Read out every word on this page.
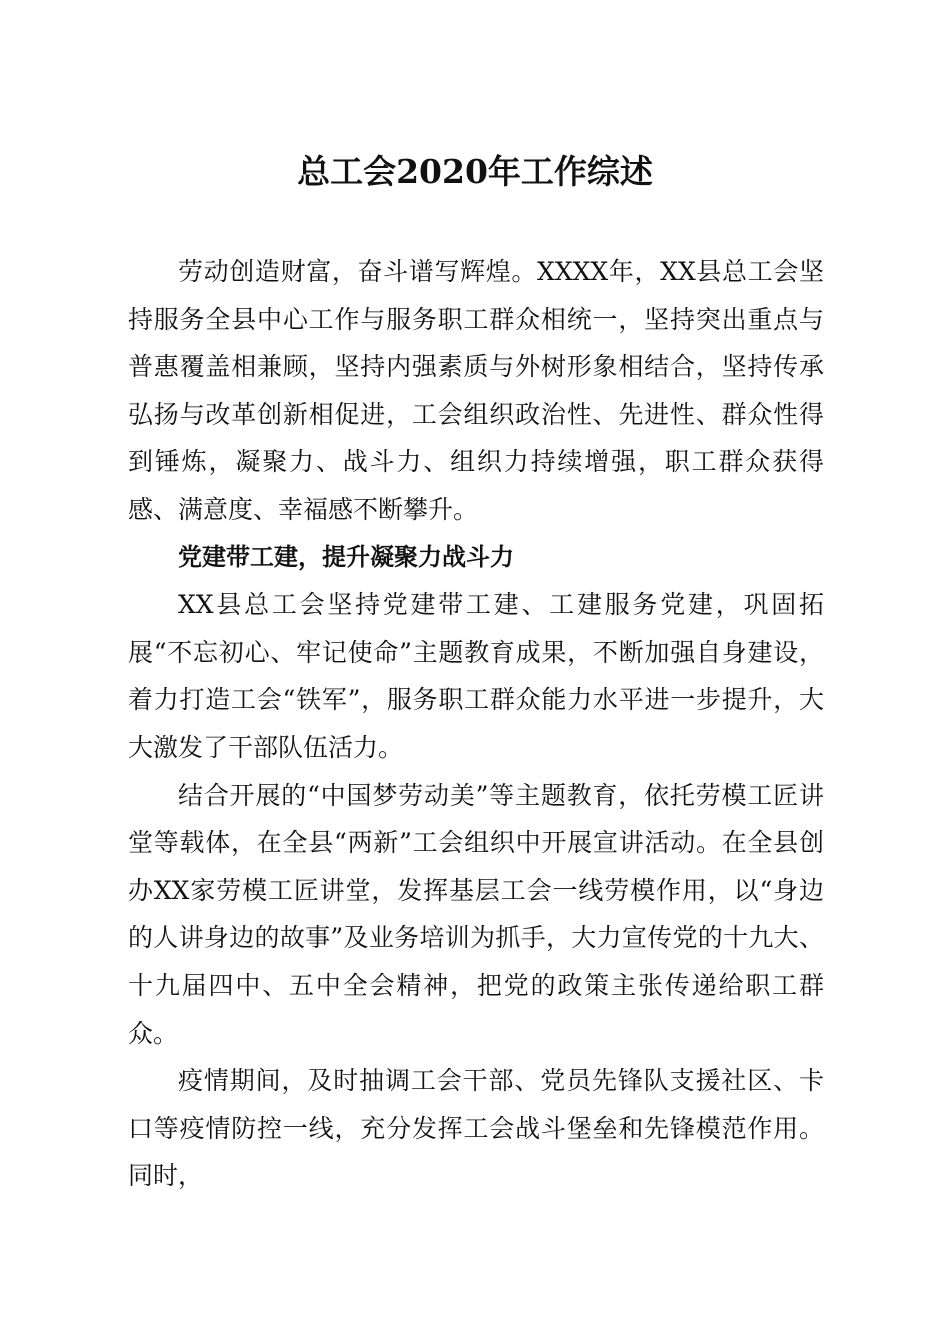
总工会2020年工作综述

劳动创造财富，奋斗谱写辉煌。XXXX年，XX县总工会坚持服务全县中心工作与服务职工群众相统一，坚持突出重点与普惠覆盖相兼顾，坚持内强素质与外树形象相结合，坚持传承弘扬与改革创新相促进，工会组织政治性、先进性、群众性得到锤炼，凝聚力、战斗力、组织力持续增强，职工群众获得感、满意度、幸福感不断攀升。

党建带工建，提升凝聚力战斗力

XX县总工会坚持党建带工建、工建服务党建，巩固拓展“不忘初心、牢记使命”主题教育成果，不断加强自身建设，着力打造工会“铁军”，服务职工群众能力水平进一步提升，大大激发了干部队伍活力。

结合开展的“中国梦劳动美”等主题教育，依托劳模工匠讲堂等载体，在全县“两新”工会组织中开展宣讲活动。在全县创办XX家劳模工匠讲堂，发挥基层工会一线劳模作用，以“身边的人讲身边的故事”及业务培训为抓手，大力宣传党的十九大、十九届四中、五中全会精神，把党的政策主张传递给职工群众。

疫情期间，及时抽调工会干部、党员先锋队支援社区、卡口等疫情防控一线，充分发挥工会战斗堡垒和先锋模范作用。同时，
